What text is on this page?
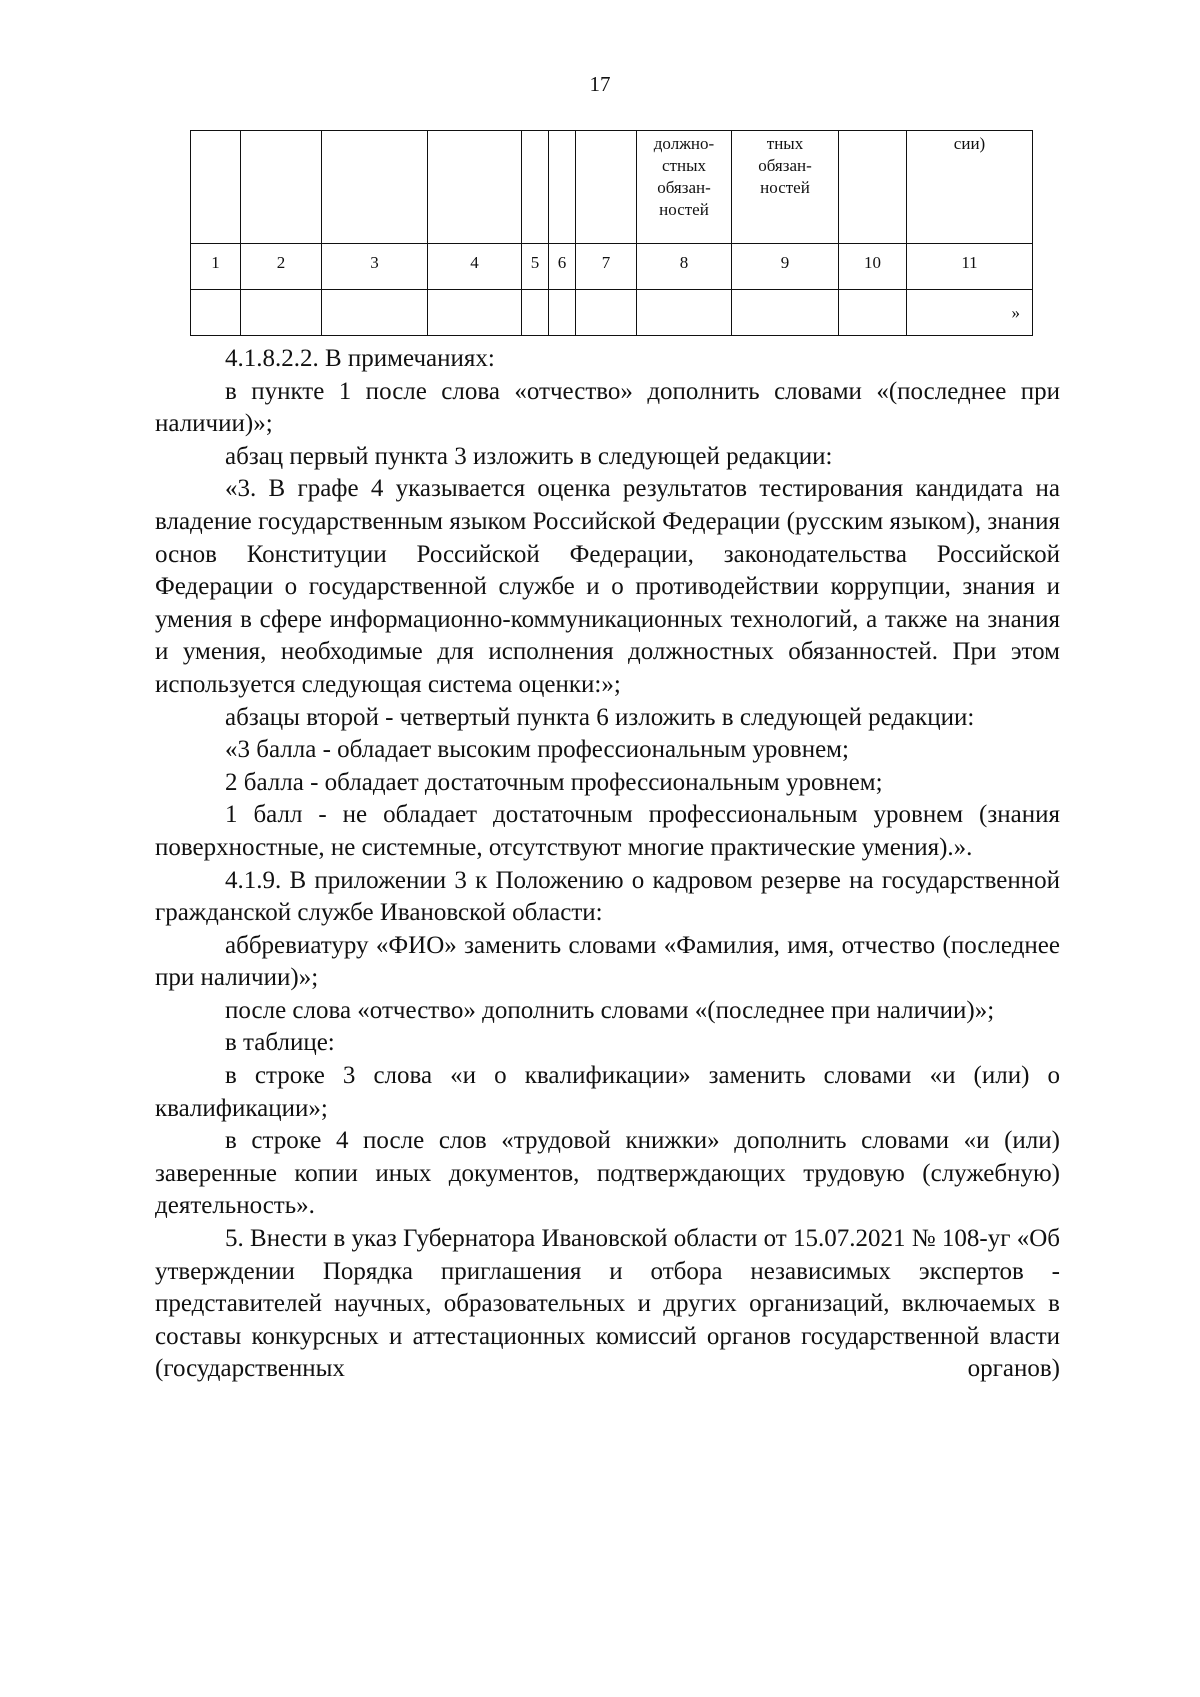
17

							должно-
стных
обязан-
ностей	тных
обязан-
ностей		сии)

1	2	3	4	5	6	7	8	9	10	11

										»

4.1.8.2.2. В примечаниях:

в пункте 1 после слова «отчество» дополнить словами «(последнее при наличии)»;

абзац первый пункта 3 изложить в следующей редакции:

«3. В графе 4 указывается оценка результатов тестирования кандидата на владение государственным языком Российской Федерации (русским языком), знания основ Конституции Российской Федерации, законодательства Российской Федерации о государственной службе и о противодействии коррупции, знания и умения в сфере информационно-коммуникационных технологий, а также на знания и умения, необходимые для исполнения должностных обязанностей. При этом используется следующая система оценки:»;

абзацы второй - четвертый пункта 6 изложить в следующей редакции:

«3 балла - обладает высоким профессиональным уровнем;

2 балла - обладает достаточным профессиональным уровнем;

1 балл - не обладает достаточным профессиональным уровнем (знания поверхностные, не системные, отсутствуют многие практические умения).».

4.1.9. В приложении 3 к Положению о кадровом резерве на государственной гражданской службе Ивановской области:

аббревиатуру «ФИО» заменить словами «Фамилия, имя, отчество (последнее при наличии)»;

после слова «отчество» дополнить словами «(последнее при наличии)»;

в таблице:

в строке 3 слова «и о квалификации» заменить словами «и (или) о квалификации»;

в строке 4 после слов «трудовой книжки» дополнить словами «и (или) заверенные копии иных документов, подтверждающих трудовую (служебную) деятельность».

5. Внести в указ Губернатора Ивановской области от 15.07.2021 № 108-уг «Об утверждении Порядка приглашения и отбора независимых экспертов - представителей научных, образовательных и других организаций, включаемых в составы конкурсных и аттестационных комиссий органов государственной власти (государственных органов)
